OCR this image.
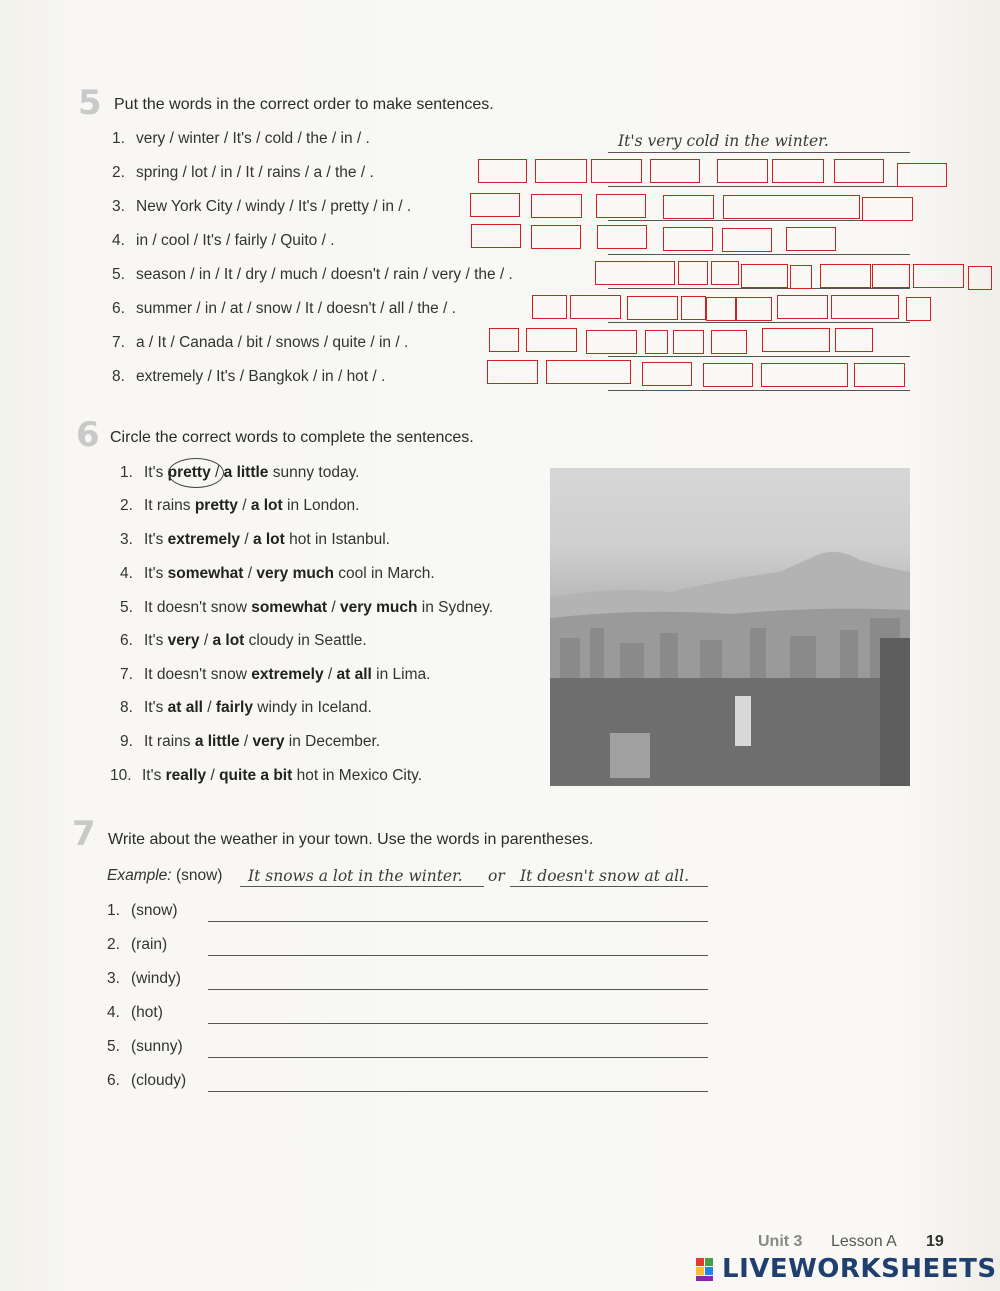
5 Put the words in the correct order to make sentences.
1. very / winter / It's / cold / the / in / .	It's very cold in the winter.
2. spring / lot / in / It / rains / a / the / .
3. New York City / windy / It's / pretty / in / .
4. in / cool / It's / fairly / Quito / .
5. season / in / It / dry / much / doesn't / rain / very / the / .
6. summer / in / at / snow / It / doesn't / all / the / .
7. a / It / Canada / bit / snows / quite / in / .
8. extremely / It's / Bangkok / in / hot / .
6 Circle the correct words to complete the sentences.
1. It's pretty / a little sunny today.
2. It rains pretty / a lot in London.
3. It's extremely / a lot hot in Istanbul.
4. It's somewhat / very much cool in March.
5. It doesn't snow somewhat / very much in Sydney.
6. It's very / a lot cloudy in Seattle.
7. It doesn't snow extremely / at all in Lima.
8. It's at all / fairly windy in Iceland.
9. It rains a little / very in December.
10. It's really / quite a bit hot in Mexico City.
7 Write about the weather in your town. Use the words in parentheses.
Example: (snow) It snows a lot in the winter. or It doesn't snow at all.
1. (snow)
2. (rain)
3. (windy)
4. (hot)
5. (sunny)
6. (cloudy)
Unit 3 Lesson A 19
LIVEWORKSHEETS
